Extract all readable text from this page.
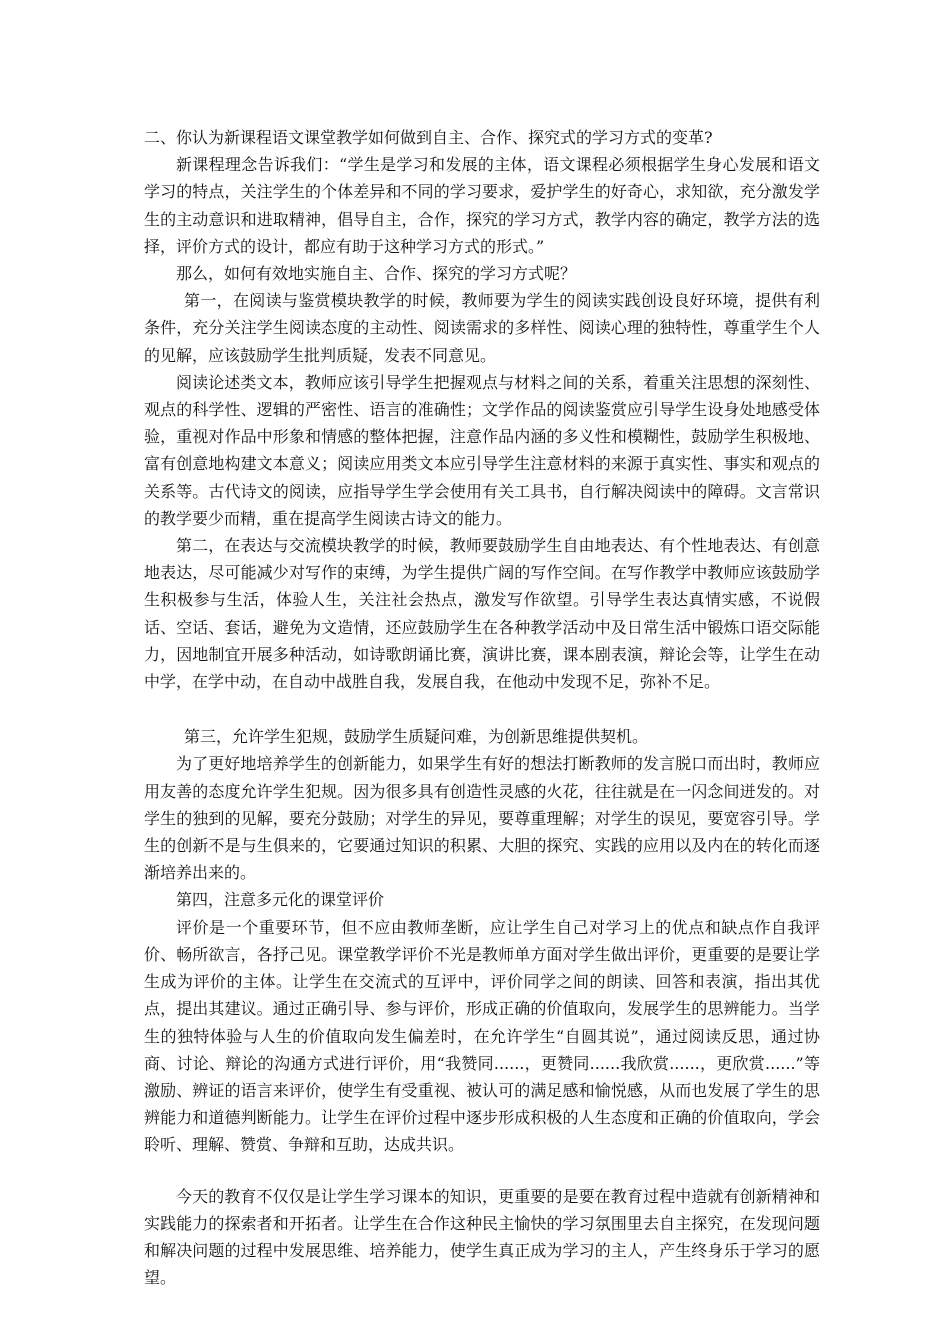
二、你认为新课程语文课堂教学如何做到自主、合作、探究式的学习方式的变革?

新课程理念告诉我们：“学生是学习和发展的主体，语文课程必须根据学生身心发展和语文学习的特点，关注学生的个体差异和不同的学习要求，爱护学生的好奇心，求知欲，充分激发学生的主动意识和进取精神，倡导自主，合作，探究的学习方式，教学内容的确定，教学方法的选择，评价方式的设计，都应有助于这种学习方式的形式。”

那么，如何有效地实施自主、合作、探究的学习方式呢？

第一，在阅读与鉴赏模块教学的时候，教师要为学生的阅读实践创设良好环境，提供有利条件，充分关注学生阅读态度的主动性、阅读需求的多样性、阅读心理的独特性，尊重学生个人的见解，应该鼓励学生批判质疑，发表不同意见。

阅读论述类文本，教师应该引导学生把握观点与材料之间的关系，着重关注思想的深刻性、观点的科学性、逻辑的严密性、语言的准确性；文学作品的阅读鉴赏应引导学生设身处地感受体验，重视对作品中形象和情感的整体把握，注意作品内涵的多义性和模糊性，鼓励学生积极地、富有创意地构建文本意义；阅读应用类文本应引导学生注意材料的来源于真实性、事实和观点的关系等。古代诗文的阅读，应指导学生学会使用有关工具书，自行解决阅读中的障碍。文言常识的教学要少而精，重在提高学生阅读古诗文的能力。

第二，在表达与交流模块教学的时候，教师要鼓励学生自由地表达、有个性地表达、有创意地表达，尽可能减少对写作的束缚，为学生提供广阔的写作空间。在写作教学中教师应该鼓励学生积极参与生活，体验人生，关注社会热点，激发写作欲望。引导学生表达真情实感，不说假话、空话、套话，避免为文造情，还应鼓励学生在各种教学活动中及日常生活中锻炼口语交际能力，因地制宜开展多种活动，如诗歌朗诵比赛，演讲比赛，课本剧表演，辩论会等，让学生在动中学，在学中动，在自动中战胜自我，发展自我，在他动中发现不足，弥补不足。

第三，允许学生犯规，鼓励学生质疑问难，为创新思维提供契机。

为了更好地培养学生的创新能力，如果学生有好的想法打断教师的发言脱口而出时，教师应用友善的态度允许学生犯规。因为很多具有创造性灵感的火花，往往就是在一闪念间迸发的。对学生的独到的见解，要充分鼓励；对学生的异见，要尊重理解；对学生的误见，要宽容引导。学生的创新不是与生俱来的，它要通过知识的积累、大胆的探究、实践的应用以及内在的转化而逐渐培养出来的。

第四，注意多元化的课堂评价

评价是一个重要环节，但不应由教师垄断，应让学生自己对学习上的优点和缺点作自我评价、畅所欲言，各抒己见。课堂教学评价不光是教师单方面对学生做出评价，更重要的是要让学生成为评价的主体。让学生在交流式的互评中，评价同学之间的朗读、回答和表演，指出其优点，提出其建议。通过正确引导、参与评价，形成正确的价值取向，发展学生的思辨能力。当学生的独特体验与人生的价值取向发生偏差时，在允许学生“自圆其说”，通过阅读反思，通过协商、讨论、辩论的沟通方式进行评价，用“我赞同......，更赞同......我欣赏......，更欣赏......”等激励、辨证的语言来评价，使学生有受重视、被认可的满足感和愉悦感，从而也发展了学生的思辨能力和道德判断能力。让学生在评价过程中逐步形成积极的人生态度和正确的价值取向，学会聆听、理解、赞赏、争辩和互助，达成共识。

今天的教育不仅仅是让学生学习课本的知识，更重要的是要在教育过程中造就有创新精神和实践能力的探索者和开拓者。让学生在合作这种民主愉快的学习氛围里去自主探究，在发现问题和解决问题的过程中发展思维、培养能力，使学生真正成为学习的主人，产生终身乐于学习的愿望。
